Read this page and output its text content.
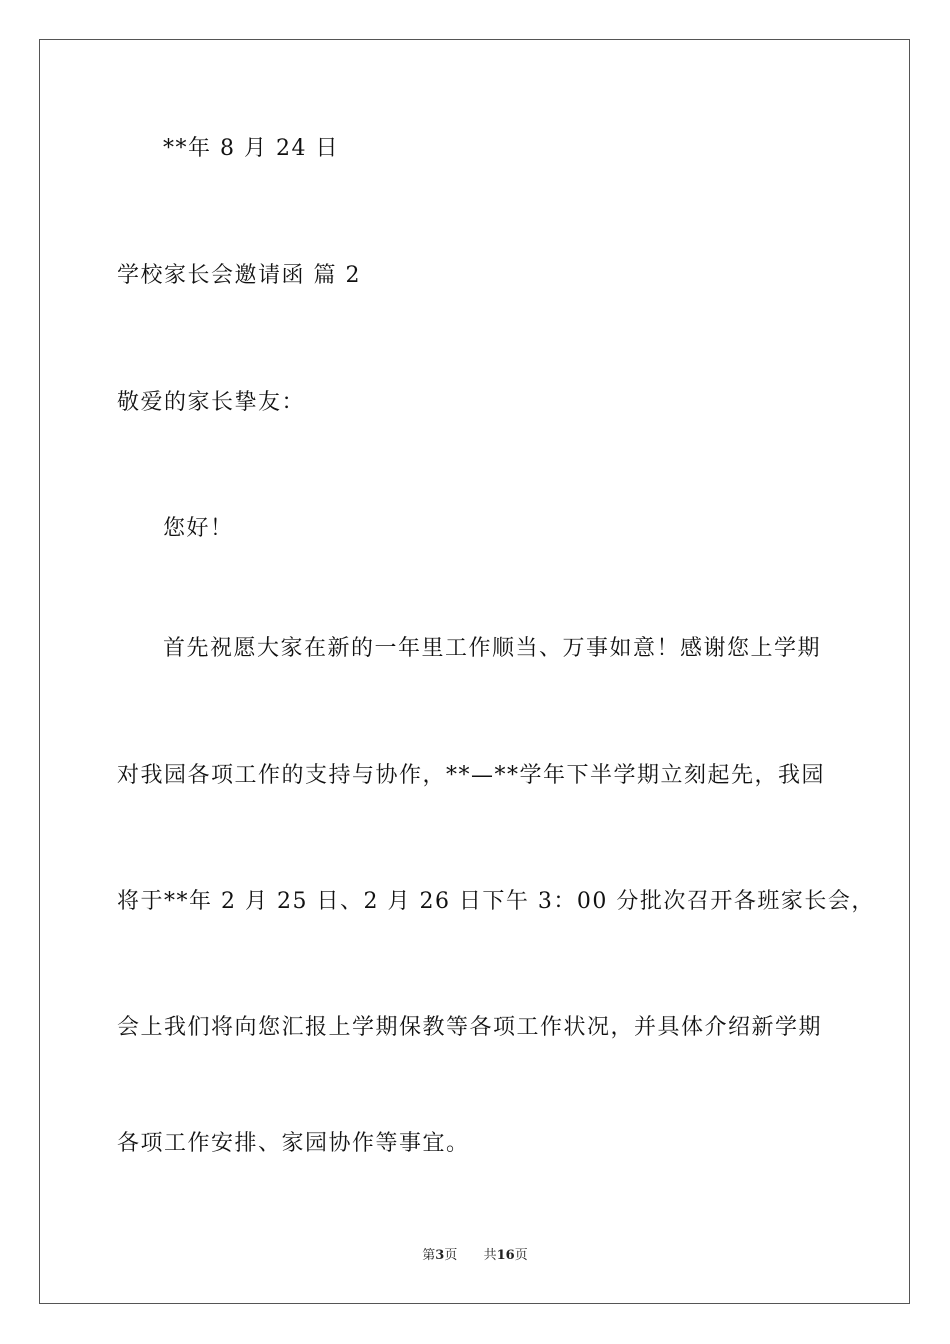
**年 8 月 24 日
学校家长会邀请函 篇 2
敬爱的家长挚友：
您好！
首先祝愿大家在新的一年里工作顺当、万事如意！感谢您上学期
对我园各项工作的支持与协作，**—**学年下半学期立刻起先，我园
将于**年 2 月 25 日、2 月 26 日下午 3：00 分批次召开各班家长会，
会上我们将向您汇报上学期保教等各项工作状况，并具体介绍新学期
各项工作安排、家园协作等事宜。
第3页 共16页
